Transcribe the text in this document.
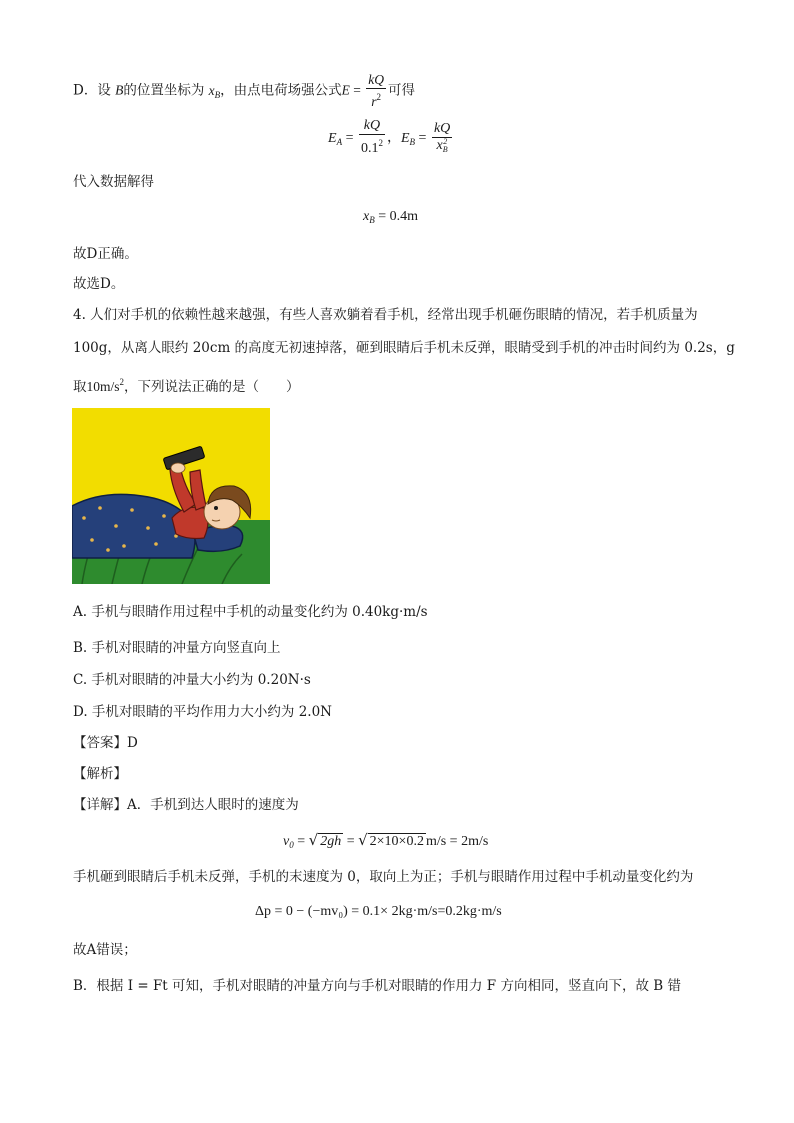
D．设 B的位置坐标为 $x_B$，由点电荷场强公式$E = \frac{kQ}{r^2}$ 可得
$E_A = \frac{kQ}{0.1^2}$ ，$E_B$ = kQ
x 2
B
代入数据解得
$x_B = 0.4m$
故D正确。
故选D。
4. 人们对手机的依赖性越来越强，有些人喜欢躺着看手机，经常出现手机砸伤眼睛的情况，若手机质量为
100g，从离人眼约 20cm 的高度无初速掉落，砸到眼睛后手机未反弹，眼睛受到手机的冲击时间约为 0.2s，g
取$10m/s^2$，下列说法正确的是（　　）
A. 手机与眼睛作用过程中手机的动量变化约为 0.40kg·m/s
B. 手机对眼睛的冲量方向竖直向上
C. 手机对眼睛的冲量大小约为 0.20N·s
D. 手机对眼睛的平均作用力大小约为 2.0N
【答案】D
【解析】
【详解】A．手机到达人眼时的速度为
$v_0$ = √ 2gh = √ 2×10×0.2 m/s = 2m/s
手机砸到眼睛后手机未反弹，手机的末速度为 0，取向上为正；手机与眼睛作用过程中手机动量变化约为
Δp = 0 − (−mv₀) = 0.1× 2kg·m/s=0.2kg·m/s
故A错误；
B．根据 I = Ft 可知，手机对眼睛的冲量方向与手机对眼睛的作用力 F 方向相同，竖直向下，故 B 错
